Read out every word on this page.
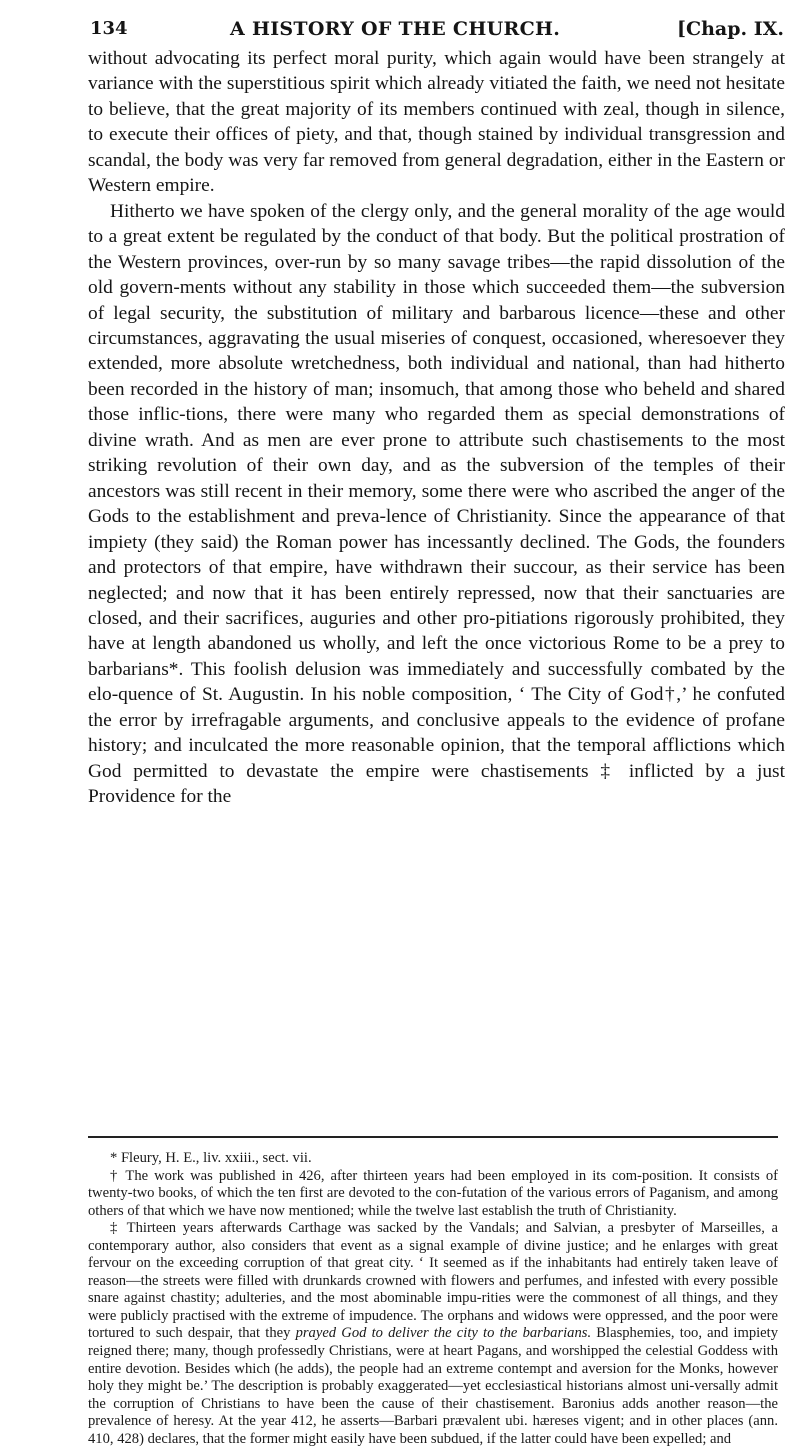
134	A HISTORY OF THE CHURCH.	[Chap. IX.

without advocating its perfect moral purity, which again would have been strangely at variance with the superstitious spirit which already vitiated the faith, we need not hesitate to believe, that the great majority of its members continued with zeal, though in silence, to execute their offices of piety, and that, though stained by individual transgression and scandal, the body was very far removed from general degradation, either in the Eastern or Western empire.

Hitherto we have spoken of the clergy only, and the general morality of the age would to a great extent be regulated by the conduct of that body. But the political prostration of the Western provinces, over-run by so many savage tribes—the rapid dissolution of the old govern-ments without any stability in those which succeeded them—the subversion of legal security, the substitution of military and barbarous licence—these and other circumstances, aggravating the usual miseries of conquest, occasioned, wheresoever they extended, more absolute wretchedness, both individual and national, than had hitherto been recorded in the history of man; insomuch, that among those who beheld and shared those inflic-tions, there were many who regarded them as special demonstrations of divine wrath. And as men are ever prone to attribute such chastisements to the most striking revolution of their own day, and as the subversion of the temples of their ancestors was still recent in their memory, some there were who ascribed the anger of the Gods to the establishment and preva-lence of Christianity. Since the appearance of that impiety (they said) the Roman power has incessantly declined. The Gods, the founders and protectors of that empire, have withdrawn their succour, as their service has been neglected; and now that it has been entirely repressed, now that their sanctuaries are closed, and their sacrifices, auguries and other pro-pitiations rigorously prohibited, they have at length abandoned us wholly, and left the once victorious Rome to be a prey to barbarians*. This foolish delusion was immediately and successfully combated by the elo-quence of St. Augustin. In his noble composition, ‘ The City of God†,’ he confuted the error by irrefragable arguments, and conclusive appeals to the evidence of profane history; and inculcated the more reasonable opinion, that the temporal afflictions which God permitted to devastate the empire were chastisements ‡ inflicted by a just Providence for the

* Fleury, H. E., liv. xxiii., sect. vii.

† The work was published in 426, after thirteen years had been employed in its com-position. It consists of twenty-two books, of which the ten first are devoted to the con-futation of the various errors of Paganism, and among others of that which we have now mentioned; while the twelve last establish the truth of Christianity.

‡ Thirteen years afterwards Carthage was sacked by the Vandals; and Salvian, a presbyter of Marseilles, a contemporary author, also considers that event as a signal example of divine justice; and he enlarges with great fervour on the exceeding corruption of that great city. ‘ It seemed as if the inhabitants had entirely taken leave of reason—the streets were filled with drunkards crowned with flowers and perfumes, and infested with every possible snare against chastity; adulteries, and the most abominable impu-rities were the commonest of all things, and they were publicly practised with the extreme of impudence. The orphans and widows were oppressed, and the poor were tortured to such despair, that they prayed God to deliver the city to the barbarians. Blasphemies, too, and impiety reigned there; many, though professedly Christians, were at heart Pagans, and worshipped the celestial Goddess with entire devotion. Besides which (he adds), the people had an extreme contempt and aversion for the Monks, however holy they might be.’ The description is probably exaggerated—yet ecclesiastical historians almost uni-versally admit the corruption of Christians to have been the cause of their chastisement. Baronius adds another reason—the prevalence of heresy. At the year 412, he asserts—Barbari prævalent ubi. hæreses vigent; and in other places (ann. 410, 428) declares, that the former might easily have been subdued, if the latter could have been expelled; and
